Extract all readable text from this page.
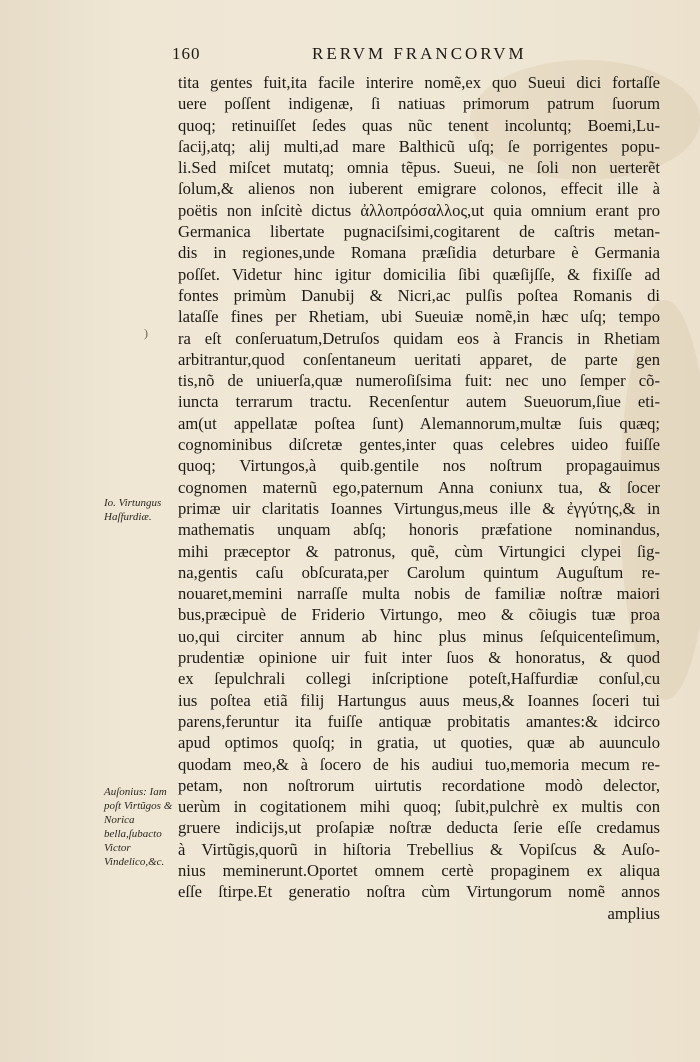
160	RERVM FRANCORVM
)
Io. Virtungus Haſfurdiæ.
Auſonius: Iam poſt Virtũgos & Norica bella,ſubacto Victor Vindelico,&c.
tita gentes fuit,ita facile interire nomẽ,ex quo Sueui dici fortaſſe
uere poſſent indigenæ, ſi natiuas primorum patrum ſuorum
quoq; retinuiſſet ſedes quas nũc tenent incoluntq; Boemi,Lu-
ſacij,atq; alij multi,ad mare Balthicũ uſq; ſe porrigentes popu-
li.Sed miſcet mutatq; omnia tẽpus. Sueui, ne ſoli non uerterẽt
ſolum,& alienos non iuberent emigrare colonos, effecit ille à
poëtis non inſcitè dictus ἀλλοπρόσαλλος,ut quia omnium erant pro
Germanica libertate pugnaciſsimi,cogitarent de caſtris metan-
dis in regiones,unde Romana præſidia deturbare è Germania
poſſet. Videtur hinc igitur domicilia ſibi quæſijſſe, & fixiſſe ad
fontes primùm Danubij & Nicri,ac pulſis poſtea Romanis di
lataſſe fines per Rhetiam, ubi Sueuiæ nomẽ,in hæc uſq; tempo
ra eſt conſeruatum,Detruſos quidam eos à Francis in Rhetiam
arbitrantur,quod conſentaneum ueritati apparet, de parte gen
tis,nõ de uniuerſa,quæ numeroſiſsima fuit: nec uno ſemper cõ-
iuncta terrarum tractu. Recenſentur autem Sueuorum,ſiue eti-
am(ut appellatæ poſtea ſunt) Alemannorum,multæ ſuis quæq;
cognominibus diſcretæ gentes,inter quas celebres uideo fuiſſe
quoq; Virtungos,à quib.gentile nos noſtrum propagauimus
cognomen maternũ ego,paternum Anna coniunx tua, & ſocer
primæ uir claritatis Ioannes Virtungus,meus ille & ἐγγύτης,& in
mathematis unquam abſq; honoris præfatione nominandus,
mihi præceptor & patronus, quẽ, cùm Virtungici clypei ſig-
na,gentis caſu obſcurata,per Carolum quintum Auguſtum re-
nouaret,memini narraſſe multa nobis de familiæ noſtræ maiori
bus,præcipuè de Friderio Virtungo, meo & cõiugis tuæ proa
uo,qui circiter annum ab hinc plus minus ſeſquicenteſimum,
prudentiæ opinione uir fuit inter ſuos & honoratus, & quod
ex ſepulchrali collegi inſcriptione poteſt,Haſfurdiæ conſul,cu
ius poſtea etiã filij Hartungus auus meus,& Ioannes ſoceri tui
parens,feruntur ita fuiſſe antiquæ probitatis amantes:& idcirco
apud optimos quoſq; in gratia, ut quoties, quæ ab auunculo
quodam meo,& à ſocero de his audiui tuo,memoria mecum re-
petam, non noſtrorum uirtutis recordatione modò delector,
uerùm in cogitationem mihi quoq; ſubit,pulchrè ex multis con
gruere indicijs,ut proſapiæ noſtræ deducta ſerie eſſe credamus
à Virtũgis,quorũ in hiſtoria Trebellius & Vopiſcus & Auſo-
nius meminerunt.Oportet omnem certè propaginem ex aliqua
eſſe ſtirpe.Et generatio noſtra cùm Virtungorum nomẽ annos
amplius
